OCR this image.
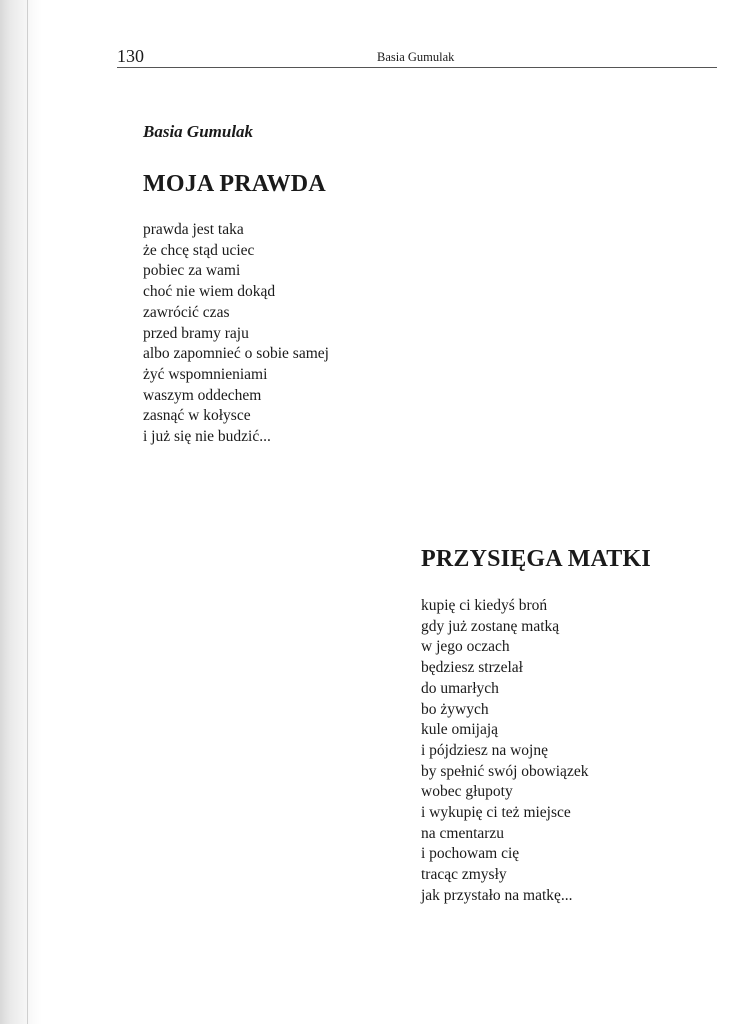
130	Basia Gumulak
Basia Gumulak
MOJA PRAWDA
prawda jest taka
że chcę stąd uciec
pobiec za wami
choć nie wiem dokąd
zawrócić czas
przed bramy raju
albo zapomnieć o sobie samej
żyć wspomnieniami
waszym oddechem
zasnąć w kołysce
i już się nie budzić...
PRZYSIĘGA MATKI
kupię ci kiedyś broń
gdy już zostanę matką
w jego oczach
będziesz strzelał
do umarłych
bo żywych
kule omijają
i pójdziesz na wojnę
by spełnić swój obowiązek
wobec głupoty
i wykupię ci też miejsce
na cmentarzu
i pochowam cię
tracąc zmysły
jak przystało na matkę...
